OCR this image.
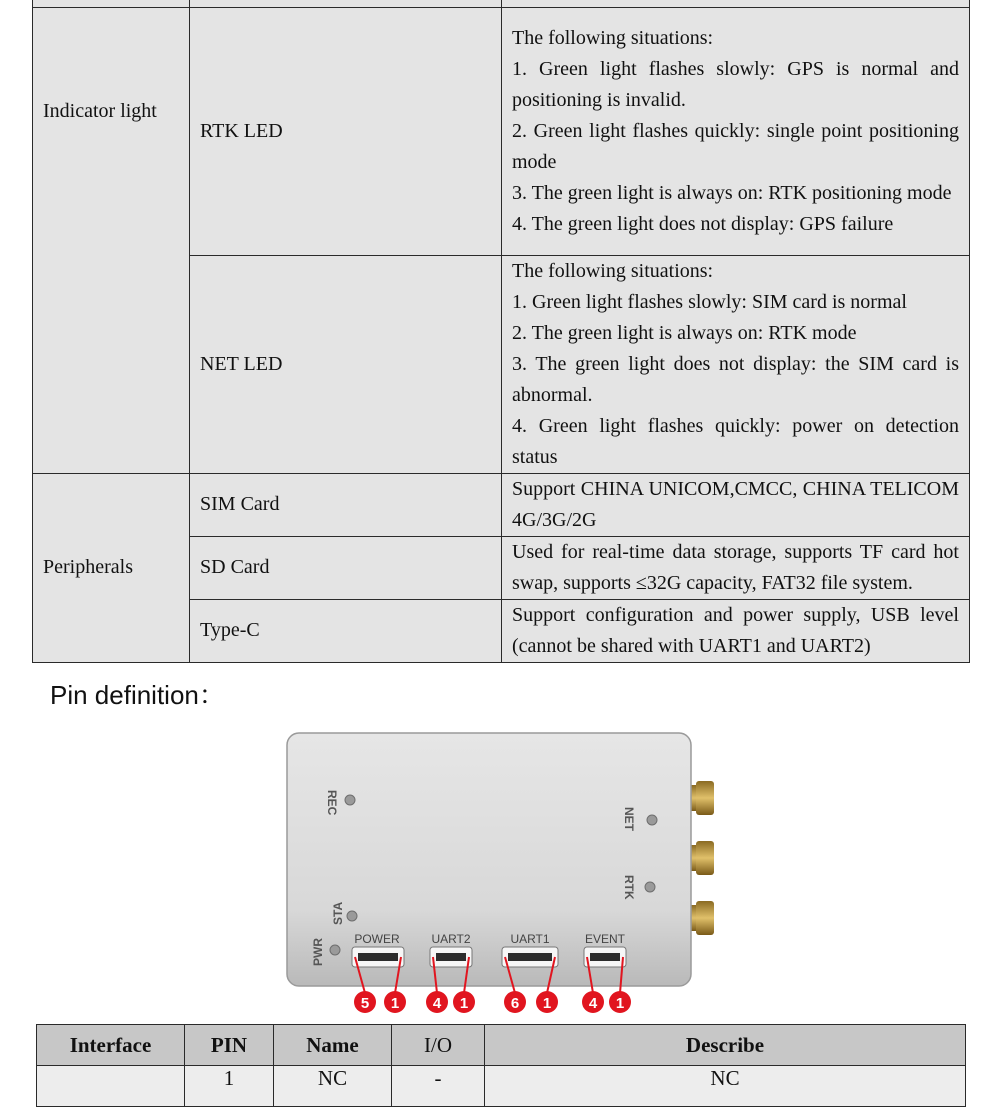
Indicator light	RTK LED	The following situations:
1. Green light flashes slowly: GPS is normal and positioning is invalid.
2. Green light flashes quickly: single point positioning mode
3. The green light is always on: RTK positioning mode
4. The green light does not display: GPS failure

	NET LED	The following situations:
1. Green light flashes slowly: SIM card is normal
2. The green light is always on: RTK mode
3. The green light does not display: the SIM card is abnormal.
4. Green light flashes quickly: power on detection status

Peripherals	SIM Card	Support CHINA UNICOM,CMCC, CHINA TELICOM 4G/3G/2G
	SD Card	Used for real-time data storage, supports TF card hot swap, supports ≤32G capacity, FAT32 file system.
	Type-C	Support configuration and power supply, USB level (cannot be shared with UART1 and UART2)
Pin definition：
REC
NET
RTK
STA
PWR POWER	UART2	UART1	EVENT
5 1 4 1	6 1	4 1
Interface	PIN	Name	I/O	Describe
	1	NC	-	NC
